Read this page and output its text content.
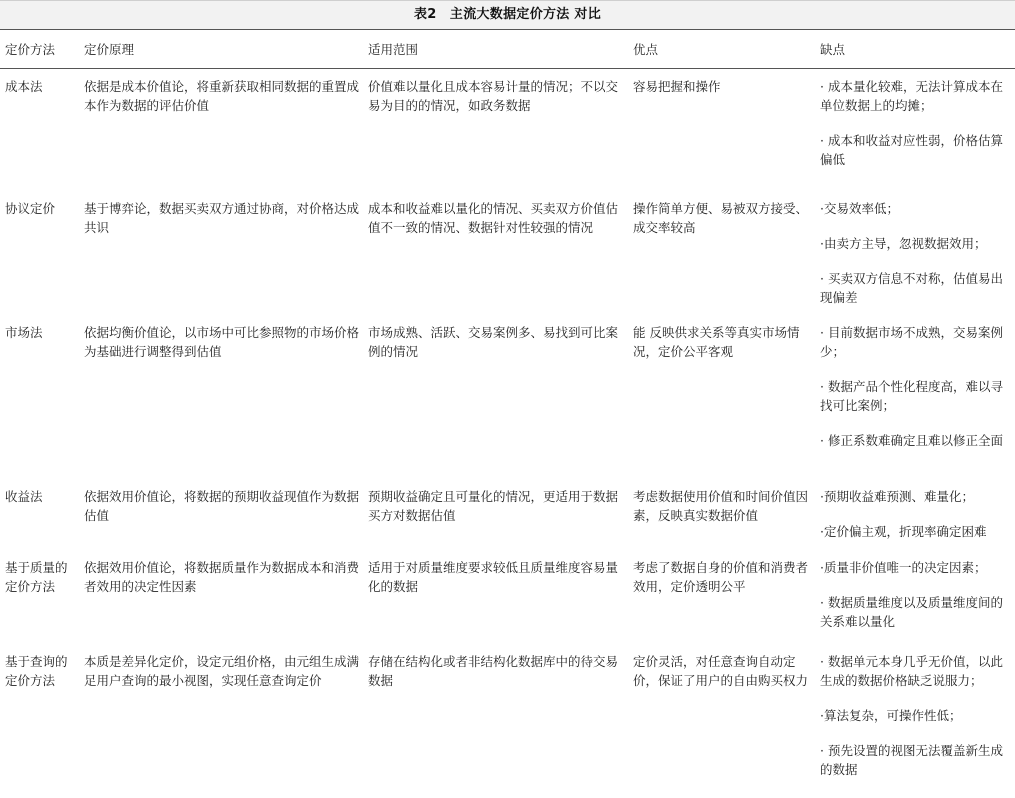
表2　主流大数据定价方法 对比
定价方法	定价原理	适用范围	优点	缺点
成本法	依据是成本价值论，将重新获取相同数据的重置成本作为数据的评估价值	价值难以量化且成本容易计量的情况；不以交易为目的的情况，如政务数据	容易把握和操作	· 成本量化较难，无法计算成本在单位数据上的均摊；
· 成本和收益对应性弱，价格估算偏低

协议定价	基于博弈论，数据买卖双方通过协商，对价格达成共识	成本和收益难以量化的情况、买卖双方价值估值不一致的情况、数据针对性较强的情况	操作简单方便、易被双方接受、成交率较高	·交易效率低；
·由卖方主导，忽视数据效用；
· 买卖双方信息不对称，估值易出现偏差

市场法	依据均衡价值论，以市场中可比参照物的市场价格为基础进行调整得到估值	市场成熟、活跃、交易案例多、易找到可比案例的情况	能 反映供求关系等真实市场情况，定价公平客观	· 目前数据市场不成熟，交易案例少；
· 数据产品个性化程度高，难以寻找可比案例；
· 修正系数难确定且难以修正全面

收益法	依据效用价值论，将数据的预期收益现值作为数据估值	预期收益确定且可量化的情况，更适用于数据买方对数据估值	考虑数据使用价值和时间价值因素，反映真实数据价值	·预期收益难预测、难量化；
·定价偏主观，折现率确定困难

基于质量的定价方法	依据效用价值论，将数据质量作为数据成本和消费者效用的决定性因素	适用于对质量维度要求较低且质量维度容易量化的数据	考虑了数据自身的价值和消费者效用，定价透明公平	·质量非价值唯一的决定因素；
· 数据质量维度以及质量维度间的关系难以量化

基于查询的定价方法	本质是差异化定价，设定元组价格，由元组生成满足用户查询的最小视图，实现任意查询定价	存储在结构化或者非结构化数据库中的待交易数据	定价灵活，对任意查询自动定价，保证了用户的自由购买权力	· 数据单元本身几乎无价值，以此生成的数据价格缺乏说服力；
·算法复杂，可操作性低；
· 预先设置的视图无法覆盖新生成的数据
